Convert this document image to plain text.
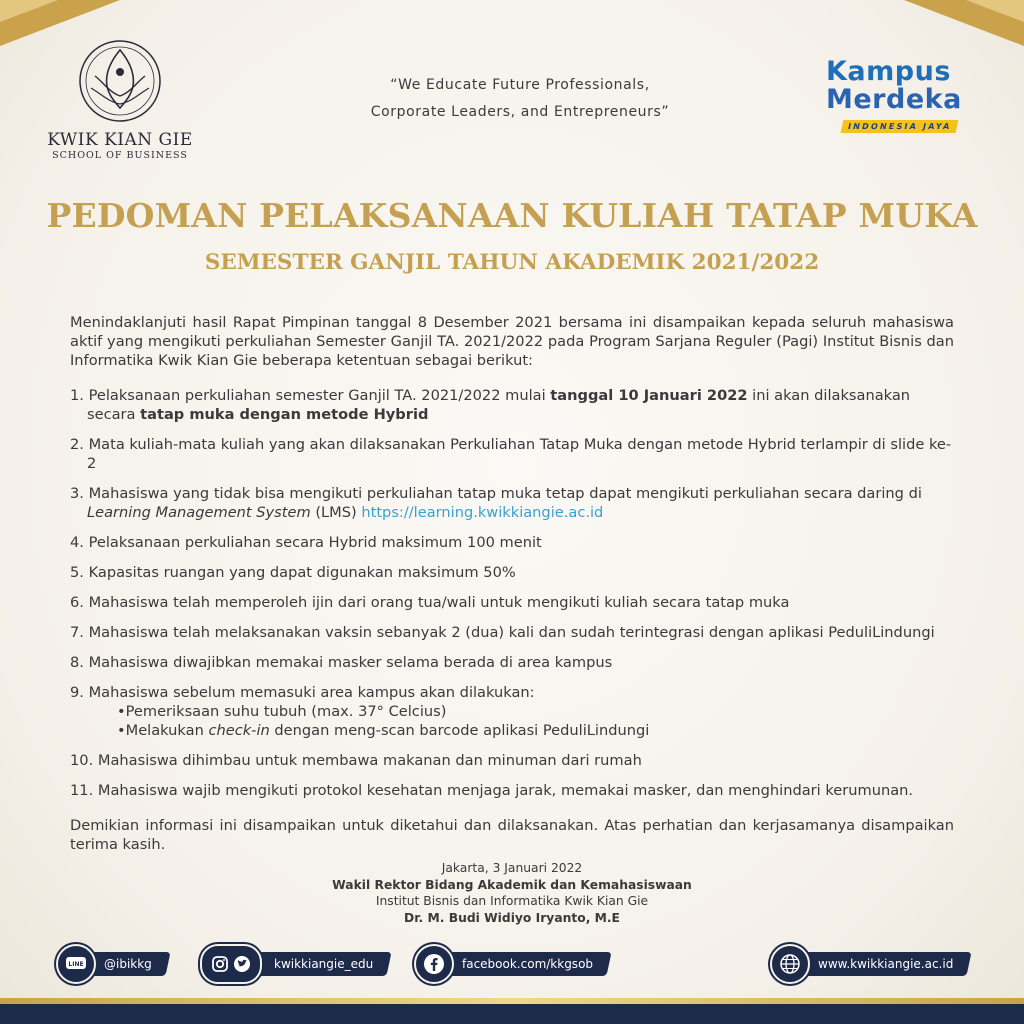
KWIK KIAN GIE
SCHOOL OF BUSINESS
“We Educate Future Professionals,
Corporate Leaders, and Entrepreneurs”
Kampus
Merdeka
INDONESIA JAYA
PEDOMAN PELAKSANAAN KULIAH TATAP MUKA
SEMESTER GANJIL TAHUN AKADEMIK 2021/2022

Menindaklanjuti hasil Rapat Pimpinan tanggal 8 Desember 2021 bersama ini disampaikan kepada seluruh mahasiswa aktif yang mengikuti perkuliahan Semester Ganjil TA. 2021/2022 pada Program Sarjana Reguler (Pagi) Institut Bisnis dan Informatika Kwik Kian Gie beberapa ketentuan sebagai berikut:

1. Pelaksanaan perkuliahan semester Ganjil TA. 2021/2022 mulai tanggal 10 Januari 2022 ini akan dilaksanakan secara tatap muka dengan metode Hybrid
2. Mata kuliah-mata kuliah yang akan dilaksanakan Perkuliahan Tatap Muka dengan metode Hybrid terlampir di slide ke-2
3. Mahasiswa yang tidak bisa mengikuti perkuliahan tatap muka tetap dapat mengikuti perkuliahan secara daring di Learning Management System (LMS) https://learning.kwikkiangie.ac.id
4. Pelaksanaan perkuliahan secara Hybrid maksimum 100 menit
5. Kapasitas ruangan yang dapat digunakan maksimum 50%
6. Mahasiswa telah memperoleh ijin dari orang tua/wali untuk mengikuti kuliah secara tatap muka
7. Mahasiswa telah melaksanakan vaksin sebanyak 2 (dua) kali dan sudah terintegrasi dengan aplikasi PeduliLindungi
8. Mahasiswa diwajibkan memakai masker selama berada di area kampus
9. Mahasiswa sebelum memasuki area kampus akan dilakukan:
•Pemeriksaan suhu tubuh (max. 37° Celcius)
•Melakukan check-in dengan meng-scan barcode aplikasi PeduliLindungi
10. Mahasiswa dihimbau untuk membawa makanan dan minuman dari rumah
11. Mahasiswa wajib mengikuti protokol kesehatan menjaga jarak, memakai masker, dan menghindari kerumunan.

Demikian informasi ini disampaikan untuk diketahui dan dilaksanakan. Atas perhatian dan kerjasamanya disampaikan terima kasih.

Jakarta, 3 Januari 2022
Wakil Rektor Bidang Akademik dan Kemahasiswaan
Institut Bisnis dan Informatika Kwik Kian Gie
Dr. M. Budi Widiyo Iryanto, M.E
LINE @ibikkg	kwikkiangie_edu	facebook.com/kkgsob	www.kwikkiangie.ac.id
